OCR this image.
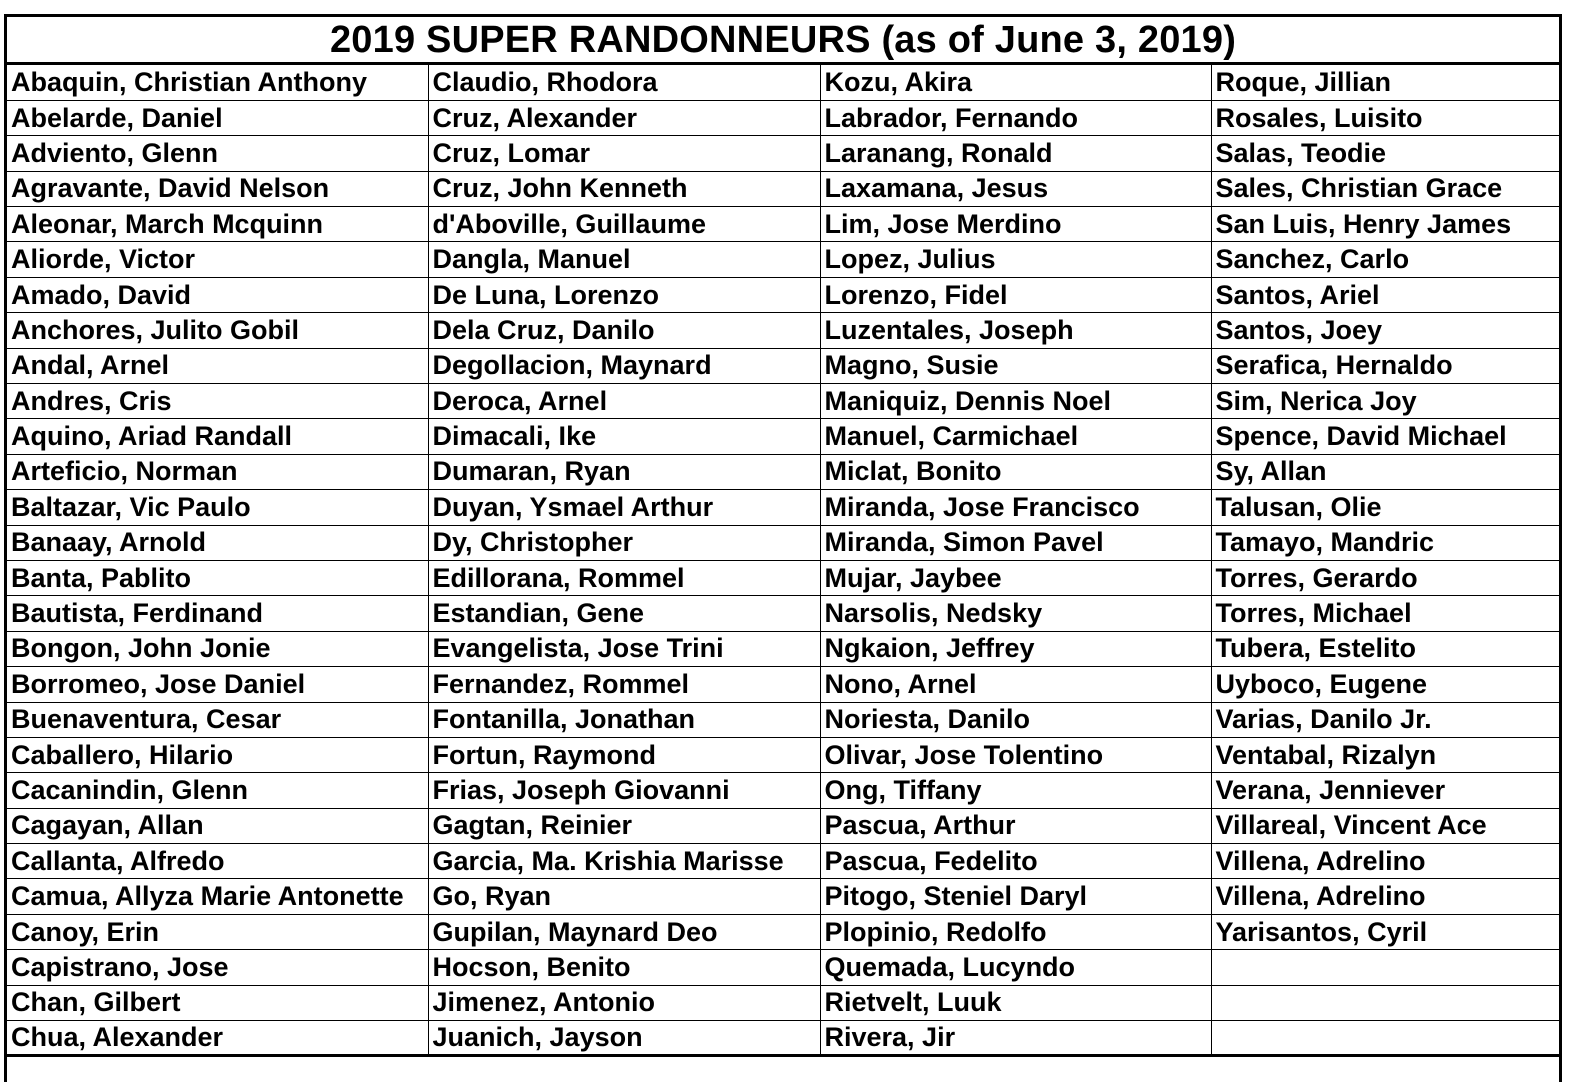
2019 SUPER RANDONNEURS (as of June 3, 2019)
Abaquin, Christian Anthony	Claudio, Rhodora	Kozu, Akira	Roque, Jillian
Abelarde, Daniel	Cruz, Alexander	Labrador, Fernando	Rosales, Luisito
Adviento, Glenn	Cruz, Lomar	Laranang, Ronald	Salas, Teodie
Agravante, David Nelson	Cruz, John Kenneth	Laxamana, Jesus	Sales, Christian Grace
Aleonar, March Mcquinn	d'Aboville, Guillaume	Lim, Jose Merdino	San Luis, Henry James
Aliorde, Victor	Dangla, Manuel	Lopez, Julius	Sanchez, Carlo
Amado, David	De Luna, Lorenzo	Lorenzo, Fidel	Santos, Ariel
Anchores, Julito Gobil	Dela Cruz, Danilo	Luzentales, Joseph	Santos, Joey
Andal, Arnel	Degollacion, Maynard	Magno, Susie	Serafica, Hernaldo
Andres, Cris	Deroca, Arnel	Maniquiz, Dennis Noel	Sim, Nerica Joy
Aquino, Ariad Randall	Dimacali, Ike	Manuel, Carmichael	Spence, David Michael
Arteficio, Norman	Dumaran, Ryan	Miclat, Bonito	Sy, Allan
Baltazar, Vic Paulo	Duyan, Ysmael Arthur	Miranda, Jose Francisco	Talusan, Olie
Banaay, Arnold	Dy, Christopher	Miranda, Simon Pavel	Tamayo, Mandric
Banta, Pablito	Edillorana, Rommel	Mujar, Jaybee	Torres, Gerardo
Bautista, Ferdinand	Estandian, Gene	Narsolis, Nedsky	Torres, Michael
Bongon, John Jonie	Evangelista, Jose Trini	Ngkaion, Jeffrey	Tubera, Estelito
Borromeo, Jose Daniel	Fernandez, Rommel	Nono, Arnel	Uyboco, Eugene
Buenaventura, Cesar	Fontanilla, Jonathan	Noriesta, Danilo	Varias, Danilo Jr.
Caballero, Hilario	Fortun, Raymond	Olivar, Jose Tolentino	Ventabal, Rizalyn
Cacanindin, Glenn	Frias, Joseph Giovanni	Ong, Tiffany	Verana, Jenniever
Cagayan, Allan	Gagtan, Reinier	Pascua, Arthur	Villareal, Vincent Ace
Callanta, Alfredo	Garcia, Ma. Krishia Marisse	Pascua, Fedelito	Villena, Adrelino
Camua, Allyza Marie Antonette	Go, Ryan	Pitogo, Steniel Daryl	Villena, Adrelino
Canoy, Erin	Gupilan, Maynard Deo	Plopinio, Redolfo	Yarisantos, Cyril
Capistrano, Jose	Hocson, Benito	Quemada, Lucyndo	
Chan, Gilbert	Jimenez, Antonio	Rietvelt, Luuk	
Chua, Alexander	Juanich, Jayson	Rivera, Jir	
